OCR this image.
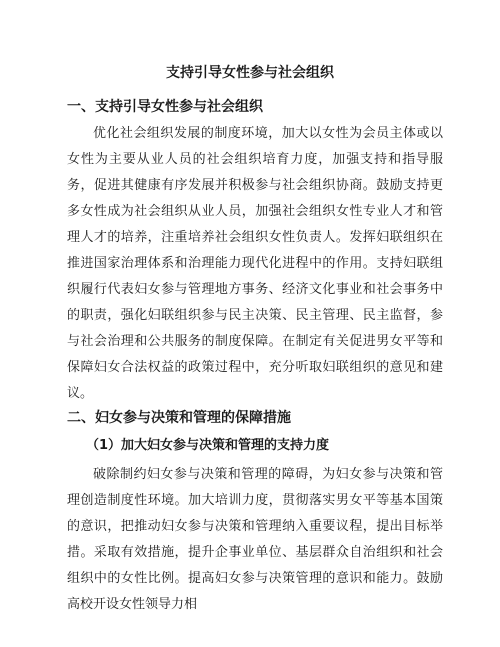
支持引导女性参与社会组织
一、支持引导女性参与社会组织

优化社会组织发展的制度环境，加大以女性为会员主体或以女性为主要从业人员的社会组织培育力度，加强支持和指导服务，促进其健康有序发展并积极参与社会组织协商。鼓励支持更多女性成为社会组织从业人员，加强社会组织女性专业人才和管理人才的培养，注重培养社会组织女性负责人。发挥妇联组织在推进国家治理体系和治理能力现代化进程中的作用。支持妇联组织履行代表妇女参与管理地方事务、经济文化事业和社会事务中的职责，强化妇联组织参与民主决策、民主管理、民主监督，参与社会治理和公共服务的制度保障。在制定有关促进男女平等和保障妇女合法权益的政策过程中，充分听取妇联组织的意见和建议。

二、妇女参与决策和管理的保障措施
（1）加大妇女参与决策和管理的支持力度

破除制约妇女参与决策和管理的障碍，为妇女参与决策和管理创造制度性环境。加大培训力度，贯彻落实男女平等基本国策的意识，把推动妇女参与决策和管理纳入重要议程，提出目标举措。采取有效措施，提升企事业单位、基层群众自治组织和社会组织中的女性比例。提高妇女参与决策管理的意识和能力。鼓励高校开设女性领导力相
